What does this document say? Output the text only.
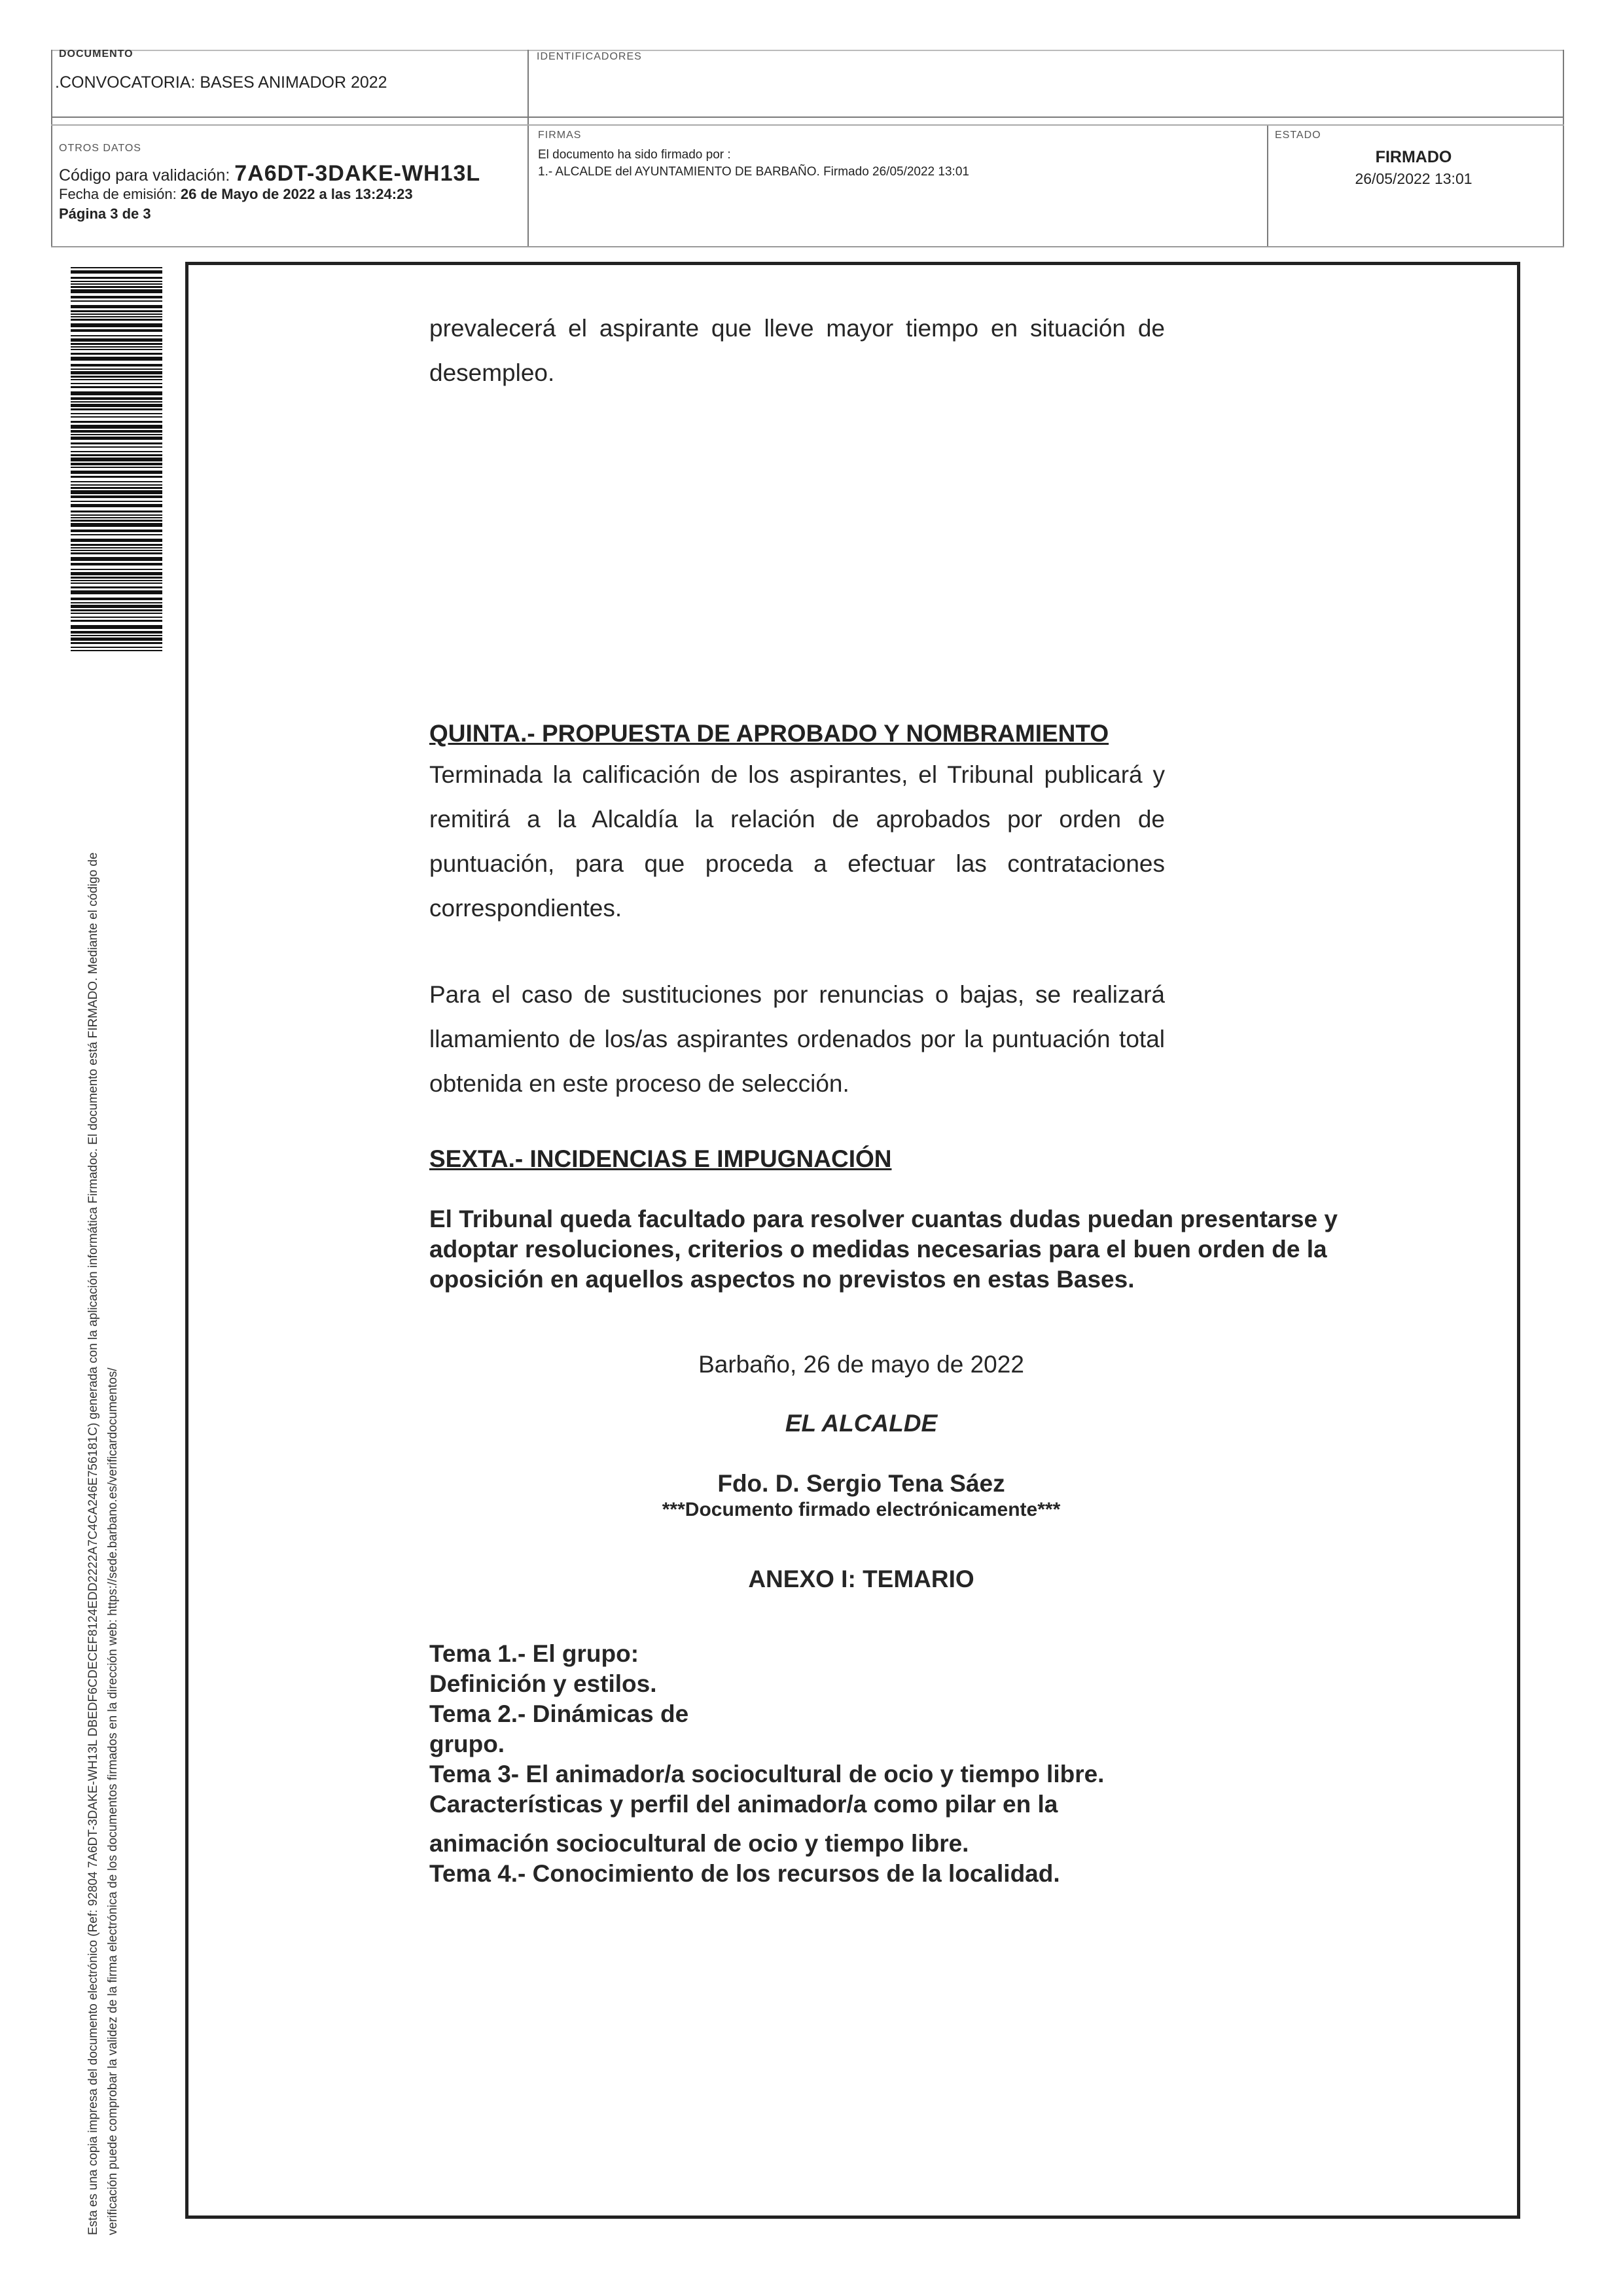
DOCUMENTO
.CONVOCATORIA: BASES ANIMADOR 2022
IDENTIFICADORES
OTROS DATOS
Código para validación: 7A6DT-3DAKE-WH13L
Fecha de emisión: 26 de Mayo de 2022 a las 13:24:23
Página 3 de 3
FIRMAS
El documento ha sido firmado por :
1.- ALCALDE del AYUNTAMIENTO DE BARBAÑO. Firmado 26/05/2022 13:01
ESTADO
FIRMADO
26/05/2022 13:01
Esta es una copia impresa del documento electrónico (Ref: 92804 7A6DT-3DAKE-WH13L DBEDF6CDECEF8124EDD2222A7C4CA246E756181C) generada con la aplicación informática Firmadoc. El documento está FIRMADO. Mediante el código de verificación puede comprobar la validez de la firma electrónica de los documentos firmados en la dirección web: https://sede.barbano.es/verificardocumentos/
prevalecerá el aspirante que lleve mayor tiempo en situación de desempleo.
QUINTA.- PROPUESTA DE APROBADO Y NOMBRAMIENTO
Terminada la calificación de los aspirantes, el Tribunal publicará y remitirá a la Alcaldía la relación de aprobados por orden de puntuación, para que proceda a efectuar las contrataciones correspondientes.
Para el caso de sustituciones por renuncias o bajas, se realizará llamamiento de los/as aspirantes ordenados por la puntuación total obtenida en este proceso de selección.
SEXTA.- INCIDENCIAS E IMPUGNACIÓN
El Tribunal queda facultado para resolver cuantas dudas puedan presentarse y adoptar resoluciones, criterios o medidas necesarias para el buen orden de la oposición en aquellos aspectos no previstos en estas Bases.
Barbaño, 26 de mayo de 2022
EL ALCALDE
Fdo. D. Sergio Tena Sáez
***Documento firmado electrónicamente***
ANEXO I: TEMARIO
Tema 1.- El grupo:
Definición y estilos.
Tema 2.- Dinámicas de
grupo.
Tema 3- El animador/a sociocultural de ocio y tiempo libre.
Características y perfil del animador/a como pilar en la
animación sociocultural de ocio y tiempo libre.
Tema 4.- Conocimiento de los recursos de la localidad.
